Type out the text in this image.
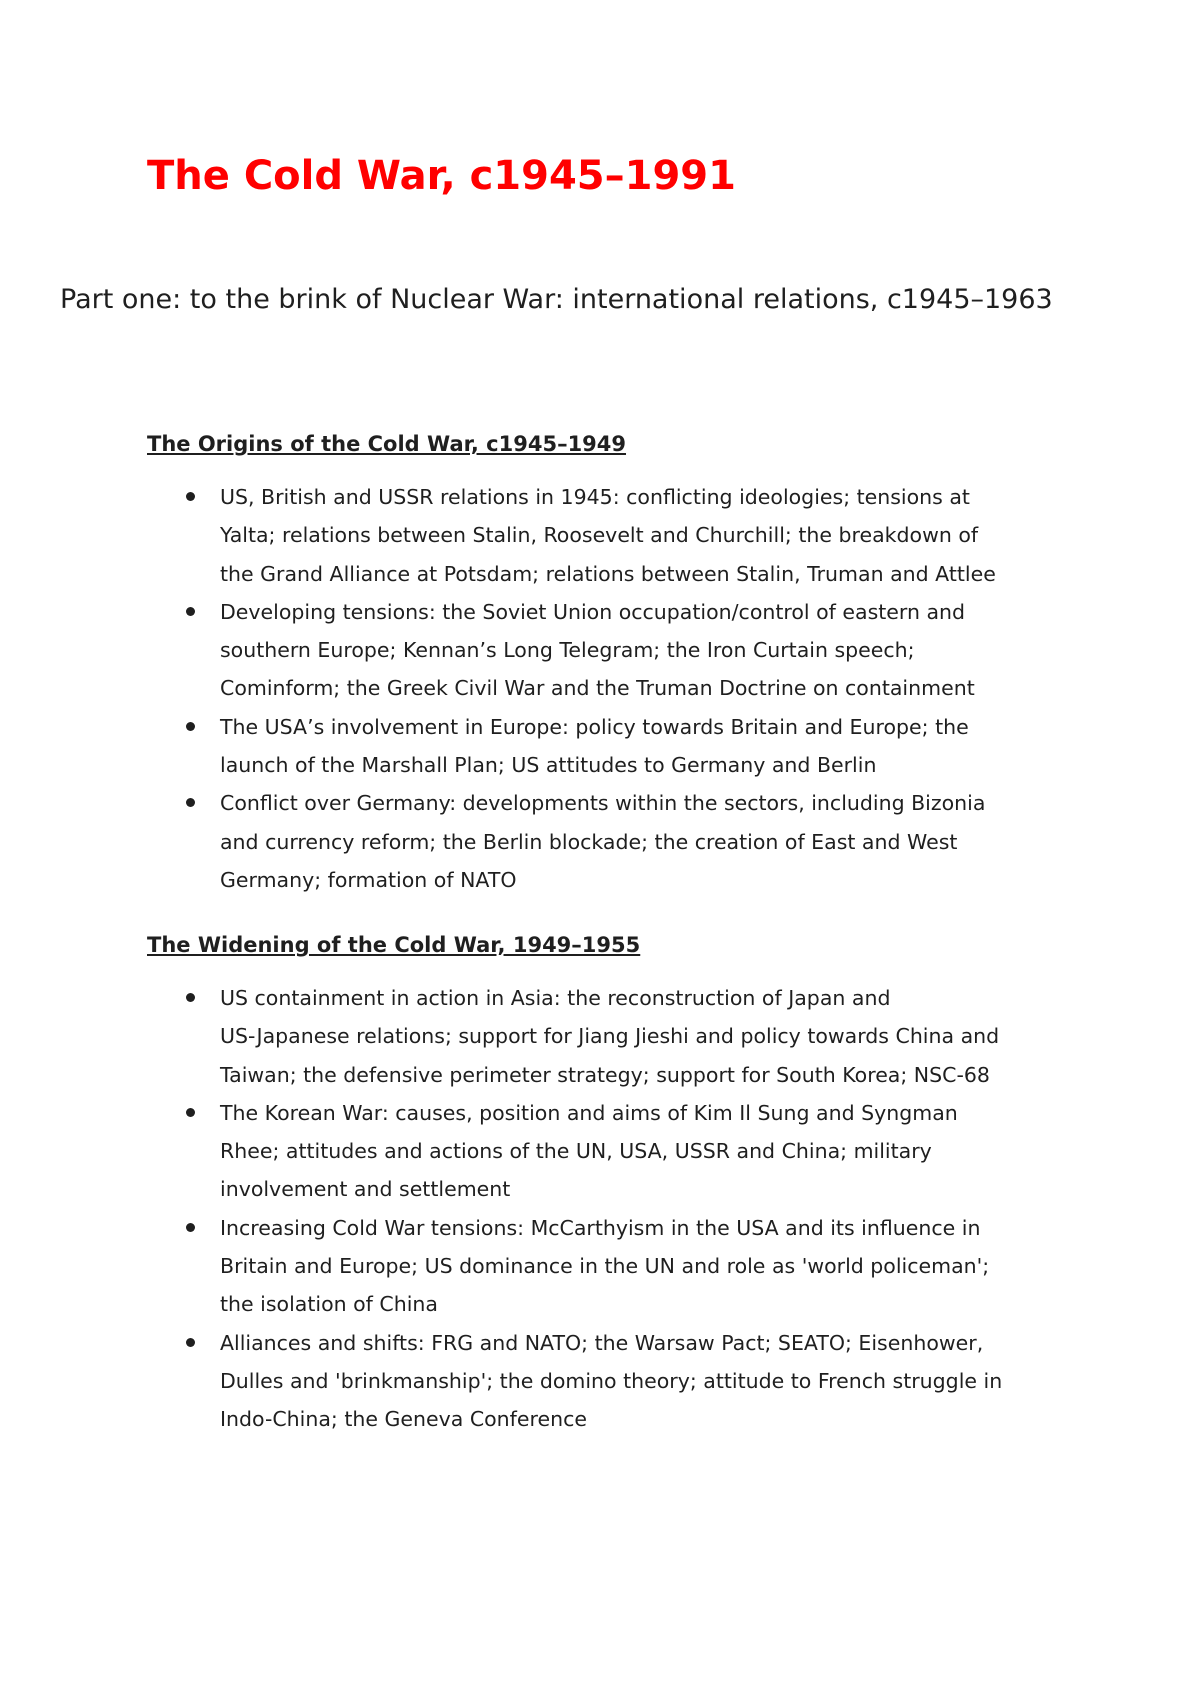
The Cold War, c1945–1991
Part one: to the brink of Nuclear War: international relations, c1945–1963
The Origins of the Cold War, c1945–1949
US, British and USSR relations in 1945: conflicting ideologies; tensions at
Yalta; relations between Stalin, Roosevelt and Churchill; the breakdown of
the Grand Alliance at Potsdam; relations between Stalin, Truman and Attlee
Developing tensions: the Soviet Union occupation/control of eastern and
southern Europe; Kennan’s Long Telegram; the Iron Curtain speech;
Cominform; the Greek Civil War and the Truman Doctrine on containment
The USA’s involvement in Europe: policy towards Britain and Europe; the
launch of the Marshall Plan; US attitudes to Germany and Berlin
Conflict over Germany: developments within the sectors, including Bizonia
and currency reform; the Berlin blockade; the creation of East and West
Germany; formation of NATO
The Widening of the Cold War, 1949–1955
US containment in action in Asia: the reconstruction of Japan and
US-Japanese relations; support for Jiang Jieshi and policy towards China and
Taiwan; the defensive perimeter strategy; support for South Korea; NSC-68
The Korean War: causes, position and aims of Kim Il Sung and Syngman
Rhee; attitudes and actions of the UN, USA, USSR and China; military
involvement and settlement
Increasing Cold War tensions: McCarthyism in the USA and its influence in
Britain and Europe; US dominance in the UN and role as 'world policeman';
the isolation of China
Alliances and shifts: FRG and NATO; the Warsaw Pact; SEATO; Eisenhower,
Dulles and 'brinkmanship'; the domino theory; attitude to French struggle in
Indo-China; the Geneva Conference
